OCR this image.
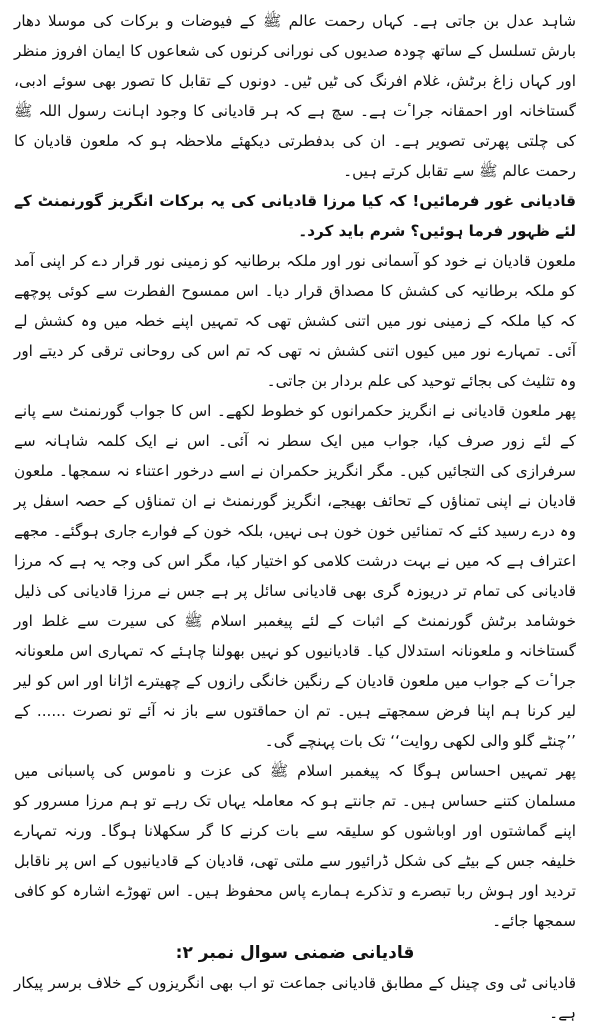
شاہد عدل بن جاتی ہے۔ کہاں رحمت عالم ﷺ کے فیوضات و برکات کی موسلا دھار بارش تسلسل کے ساتھ چودہ صدیوں کی نورانی کرنوں کی شعاعوں کا ایمان افروز منظر اور کہاں زاغ برٹش، غلام افرنگ کی ٹیں ٹیں۔ دونوں کے تقابل کا تصور بھی سوئے ادبی، گستاخانہ اور احمقانہ جراٴت ہے۔ سچ ہے کہ ہر قادیانی کا وجود اہانت رسول اللہ ﷺ کی چلتی پھرتی تصویر ہے۔ ان کی بدفطرتی دیکھئے ملاحظہ ہو کہ ملعون قادیان کا رحمت عالم ﷺ سے تقابل کرتے ہیں۔

قادیانی غور فرمائیں! کہ کیا مرزا قادیانی کی یہ برکات انگریز گورنمنٹ کے لئے ظہور فرما ہوئیں؟ شرم باید کرد۔

ملعون قادیان نے خود کو آسمانی نور اور ملکہ برطانیہ کو زمینی نور قرار دے کر اپنی آمد کو ملکہ برطانیہ کی کشش کا مصداق قرار دیا۔ اس ممسوح الفطرت سے کوئی پوچھے کہ کیا ملکہ کے زمینی نور میں اتنی کشش تھی کہ تمہیں اپنے خطہ میں وہ کشش لے آئی۔ تمہارے نور میں کیوں اتنی کشش نہ تھی کہ تم اس کی روحانی ترقی کر دیتے اور وہ تثلیث کی بجائے توحید کی علم بردار بن جاتی۔

پھر ملعون قادیانی نے انگریز حکمرانوں کو خطوط لکھے۔ اس کا جواب گورنمنٹ سے پانے کے لئے زور صرف کیا، جواب میں ایک سطر نہ آئی۔ اس نے ایک کلمہ شاہانہ سے سرفرازی کی التجائیں کیں۔ مگر انگریز حکمران نے اسے درخور اعتناء نہ سمجھا۔ ملعون قادیان نے اپنی تمناؤں کے تحائف بھیجے، انگریز گورنمنٹ نے ان تمناؤں کے حصہ اسفل پر وہ درے رسید کئے کہ تمنائیں خون خون ہی نہیں، بلکہ خون کے فوارے جاری ہوگئے۔ مجھے اعتراف ہے کہ میں نے بہت درشت کلامی کو اختیار کیا، مگر اس کی وجہ یہ ہے کہ مرزا قادیانی کی تمام تر دریوزہ گری بھی قادیانی سائل پر ہے جس نے مرزا قادیانی کی ذلیل خوشامد برٹش گورنمنٹ کے اثبات کے لئے پیغمبر اسلام ﷺ کی سیرت سے غلط اور گستاخانہ و ملعونانہ استدلال کیا۔ قادیانیوں کو نہیں بھولنا چاہئے کہ تمہاری اس ملعونانہ جراٴت کے جواب میں ملعون قادیان کے رنگین خانگی رازوں کے چھیترے اڑانا اور اس کو لیر لیر کرنا ہم اپنا فرض سمجھتے ہیں۔ تم ان حماقتوں سے باز نہ آئے تو نصرت ...... کے ’’چنٹے گلو والی لکھی روایت‘‘ تک بات پہنچے گی۔

پھر تمہیں احساس ہوگا کہ پیغمبر اسلام ﷺ کی عزت و ناموس کی پاسبانی میں مسلمان کتنے حساس ہیں۔ تم جانتے ہو کہ معاملہ یہاں تک رہے تو ہم مرزا مسرور کو اپنے گماشتوں اور اوباشوں کو سلیقہ سے بات کرنے کا گر سکھلانا ہوگا۔ ورنہ تمہارے خلیفہ جس کے بیٹے کی شکل ڈرائیور سے ملتی تھی، قادیان کے قادیانیوں کے اس پر ناقابل تردید اور ہوش ربا تبصرے و تذکرے ہمارے پاس محفوظ ہیں۔ اس تھوڑے اشارہ کو کافی سمجھا جائے۔

قادیانی ضمنی سوال نمبر ۲:

قادیانی ٹی وی چینل کے مطابق قادیانی جماعت تو اب بھی انگریزوں کے خلاف برسر پیکار ہے۔
